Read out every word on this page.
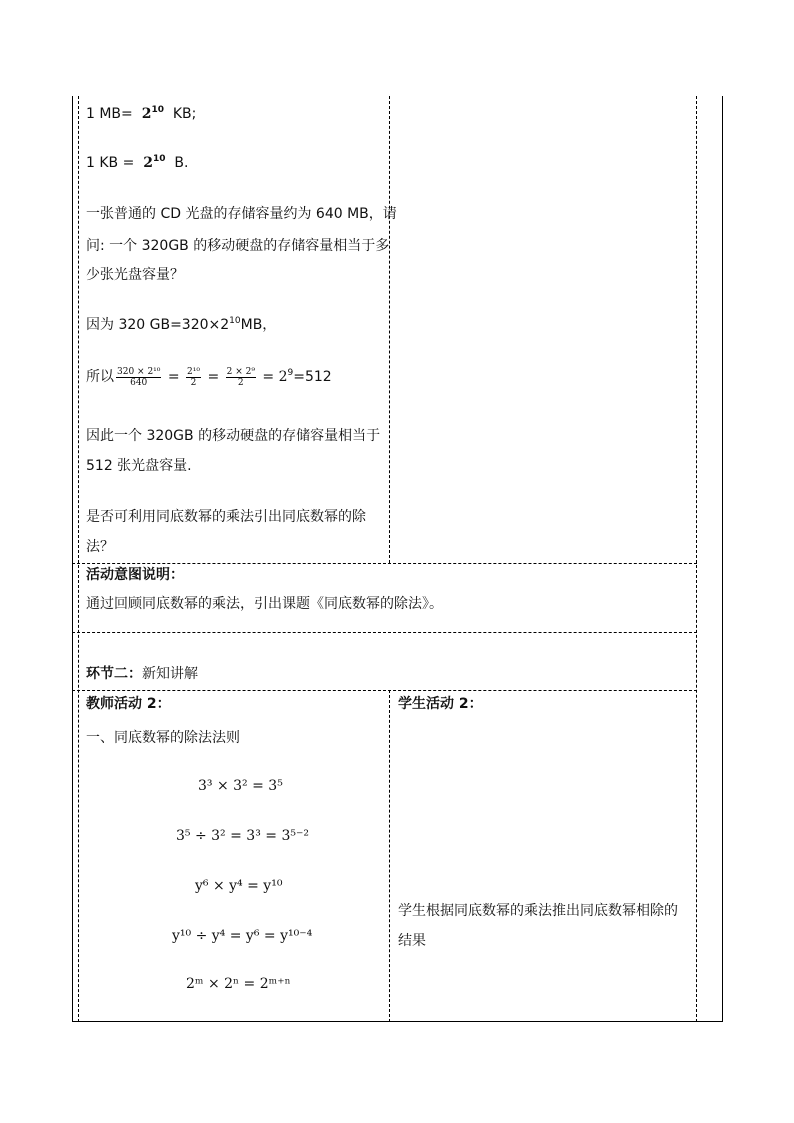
1 $MB= 2^{10}$ KB;
1 KB = $2^{10}$ B.
一张普通的 CD 光盘的存储容量约为 640 MB，请
问: 一个 320GB 的移动硬盘的存储容量相当于多
少张光盘容量？
因为 320 $GB=320\times 2^{10}MB$，
所以 $\frac{\text{320 × 2¹⁰}}{640} = \frac{\text{2¹⁰}}{2} = \frac{\text{2 × 2⁹}}{2} = 2^9=512$
因此一个 320GB 的移动硬盘的存储容量相当于
512 张光盘容量.
是否可利用同底数幂的乘法引出同底数幂的除
法？
活动意图说明：
通过回顾同底数幂的乘法，引出课题《同底数幂的除法》。
环节二：新知讲解
教师活动 2：
一、同底数幂的除法法则
3³ × 3² = 3⁵
3⁵ ÷ 3² = 3³ = 3⁵⁻²
y⁶ × y⁴ = y¹⁰
y¹⁰ ÷ y⁴ = y⁶ = y¹⁰⁻⁴
2ᵐ × 2ⁿ = 2ᵐ⁺ⁿ
学生活动 2：
学生根据同底数幂的乘法推出同底数幂相除的
结果
